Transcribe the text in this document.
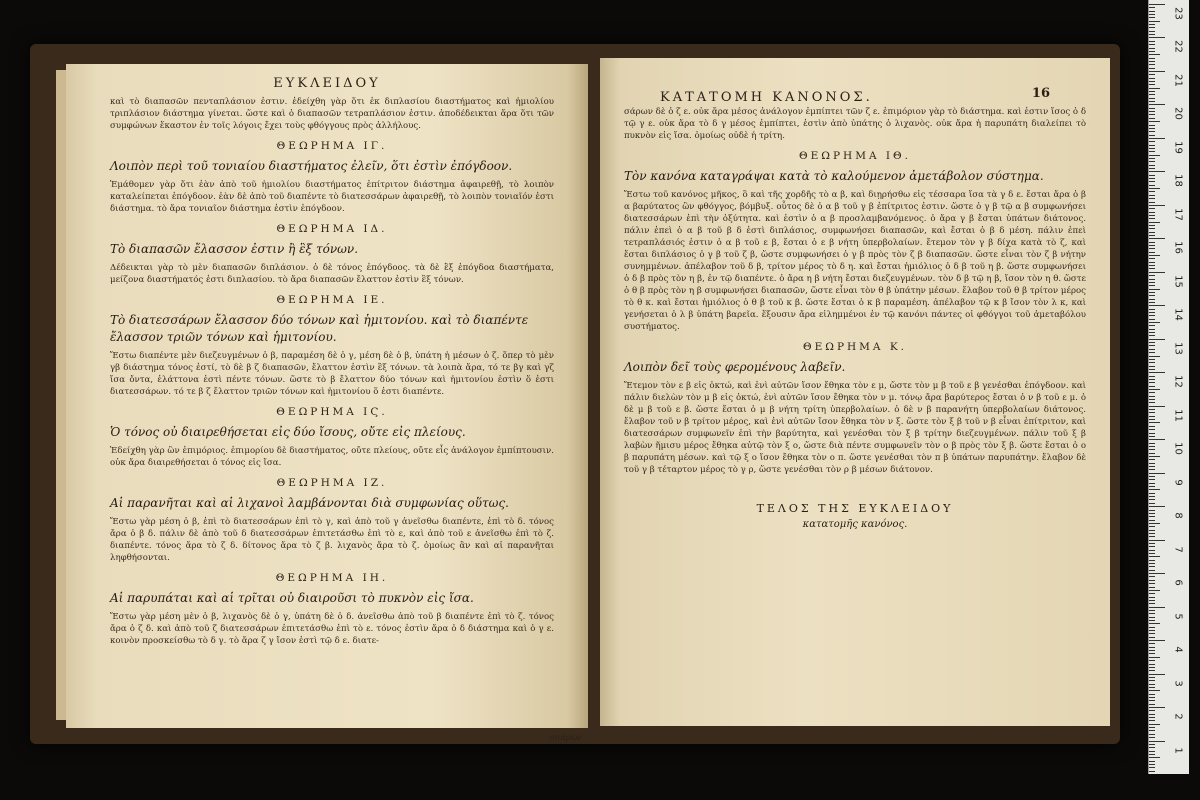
ΕΥΚΛΕΙΔΟΥ
καὶ τὸ διαπασῶν πενταπλάσιον ἐστιν. ἐδείχθη γὰρ ὅτι ἐκ διπλασίου διαστήματος καὶ ἡμιολίου τριπλάσιον διάστημα γίνεται. ὥστε καὶ ὁ διαπασῶν τετραπλάσιον ἐστιν. ἀποδέδεικται ἄρα ὅτι τῶν συμφώνων ἕκαστον ἐν τοῖς λόγοις ἔχει τοὺς φθόγγους πρὸς ἀλλήλους.
ΘΕΩΡΗΜΑ ΙΓ.
Λοιπὸν περὶ τοῦ τονιαίου διαστήματος ἐλεῖν, ὅτι ἐστὶν ἐπόγδοον.
Ἐμάθομεν γὰρ ὅτι ἐὰν ἀπὸ τοῦ ἡμιολίου διαστήματος ἐπίτριτον διάστημα ἀφαιρεθῇ, τὸ λοιπὸν καταλείπεται ἐπόγδοον. ἐὰν δὲ ἀπὸ τοῦ διαπέντε τὸ διατεσσάρων ἀφαιρεθῇ, τὸ λοιπὸν τονιαῖόν ἐστι διάστημα. τὸ ἄρα τονιαῖον διάστημα ἐστὶν ἐπόγδοον.
ΘΕΩΡΗΜΑ ΙΔ.
Τὸ διαπασῶν ἔλασσον ἐστιν ἢ ἓξ τόνων.
Δέδεικται γὰρ τὸ μὲν διαπασῶν διπλάσιον. ὁ δὲ τόνος ἐπόγδοος. τὰ δὲ ἓξ ἐπόγδοα διαστήματα, μείζονα διαστήματός ἐστι διπλασίου. τὸ ἄρα διαπασῶν ἔλαττον ἐστὶν ἓξ τόνων.
ΘΕΩΡΗΜΑ ΙΕ.
Τὸ διατεσσάρων ἔλασσον δύο τόνων καὶ ἡμιτονίου. καὶ τὸ διαπέντε ἔλασσον τριῶν τόνων καὶ ἡμιτονίου.
Ἔστω διαπέντε μὲν διεζευγμένων ὁ β, παραμέση δὲ ὁ γ, μέση δὲ ὁ β, ὑπάτη ἡ μέσων ὁ ζ. ὅπερ τὸ μὲν γβ διάστημα τόνος ἐστί, τὸ δὲ β ζ διαπασῶν, ἔλαττον ἐστὶν ἓξ τόνων. τὰ λοιπὰ ἄρα, τό τε βγ καὶ γζ ἴσα ὄντα, ἐλάττονα ἐστὶ πέντε τόνων. ὥστε τὸ β ἔλαττον δύο τόνων καὶ ἡμιτονίου ἐστὶν ὅ ἐστι διατεσσάρων. τό τε β ζ ἔλαττον τριῶν τόνων καὶ ἡμιτονίου ὅ ἐστι διαπέντε.
ΘΕΩΡΗΜΑ ΙϚ.
Ὁ τόνος οὐ διαιρεθήσεται εἰς δύο ἴσους, οὔτε εἰς πλείους.
Ἐδείχθη γὰρ ὢν ἐπιμόριος. ἐπιμορίου δὲ διαστήματος, οὔτε πλείους, οὔτε εἷς ἀνάλογον ἐμπίπτουσιν. οὐκ ἄρα διαιρεθήσεται ὁ τόνος εἰς ἴσα.
ΘΕΩΡΗΜΑ ΙΖ.
Αἱ παρανῆται καὶ αἱ λιχανοὶ λαμβάνονται διὰ συμφωνίας οὕτως.
Ἔστω γὰρ μέση ὁ β, ἐπὶ τὸ διατεσσάρων ἐπὶ τὸ γ, καὶ ἀπὸ τοῦ γ ἀνεῖσθω διαπέντε, ἐπὶ τὸ δ. τόνος ἄρα ὁ β δ. πάλιν δὲ ἀπὸ τοῦ δ διατεσσάρων ἐπιτετάσθω ἐπὶ τὸ ε, καὶ ἀπὸ τοῦ ε ἀνεῖσθω ἐπὶ τὸ ζ. διαπέντε. τόνος ἄρα τὸ ζ δ. δίτονος ἄρα τὸ ζ β. λιχανὸς ἄρα τὸ ζ. ὁμοίως ἂν καὶ αἱ παρανῆται ληφθήσονται.
ΘΕΩΡΗΜΑ ΙΗ.
Αἱ παρυπάται καὶ αἱ τρῖται οὐ διαιροῦσι τὸ πυκνὸν εἰς ἴσα.
Ἔστω γὰρ μέση μὲν ὁ β, λιχανὸς δὲ ὁ γ, ὑπάτη δὲ ὁ δ. ἀνεῖσθω ἀπὸ τοῦ β διαπέντε ἐπὶ τὸ ζ. τόνος ἄρα ὁ ζ δ. καὶ ἀπὸ τοῦ ζ διατεσσάρων ἐπιτετάσθω ἐπὶ τὸ ε. τόνος ἐστὶν ἄρα ὁ δ διάστημα καὶ ὁ γ ε. κοινὸν προσκείσθω τὸ δ γ. τὸ ἄρα ζ γ ἴσον ἐστὶ τῷ δ ε. διατε-
σσάρων
ΚΑΤΑΤΟΜΗ ΚΑΝΟΝΟΣ.	16
σάρων δὲ ὁ ζ ε. οὐκ ἄρα μέσος ἀνάλογον ἐμπίπτει τῶν ζ ε. ἐπιμόριον γὰρ τὸ διάστημα. καὶ ἐστιν ἴσος ὁ δ τῷ γ ε. οὐκ ἄρα τὸ δ γ μέσος ἐμπίπτει, ἐστὶν ἀπὸ ὑπάτης ὁ λιχανὸς. οὐκ ἄρα ἡ παρυπάτη διαλείπει τὸ πυκνὸν εἰς ἴσα. ὁμοίως οὐδὲ ἡ τρίτη.
ΘΕΩΡΗΜΑ ΙΘ.
Τὸν κανόνα καταγράψαι κατὰ τὸ καλούμενον ἀμετάβολον σύστημα.
Ἔστω τοῦ κανόνος μῆκος, ὃ καὶ τῆς χορδῆς τὸ α β, καὶ διῃρήσθω εἰς τέσσαρα ἴσα τὰ γ δ ε. ἔσται ἄρα ὁ β α βαρύτατος ὢν φθόγγος, βόμβυξ. οὗτος δὲ ὁ α β τοῦ γ β ἐπίτριτος ἐστιν. ὥστε ὁ γ β τῷ α β συμφωνήσει διατεσσάρων ἐπὶ τὴν ὀξύτητα. καὶ ἐστὶν ὁ α β προσλαμβανόμενος. ὁ ἄρα γ β ἔσται ὑπάτων διάτονος. πάλιν ἐπεὶ ὁ α β τοῦ β δ ἐστὶ διπλάσιος, συμφωνήσει διαπασῶν, καὶ ἔσται ὁ β δ μέση. πάλιν ἐπεὶ τετραπλάσιός ἐστιν ὁ α β τοῦ ε β, ἔσται ὁ ε β νήτη ὑπερβολαίων. ἔτεμον τὸν γ β δίχα κατὰ τὸ ζ, καὶ ἔσται διπλάσιος ὁ γ β τοῦ ζ β, ὥστε συμφωνήσει ὁ γ β πρὸς τὸν ζ β διαπασῶν. ὥστε εἶναι τὸν ζ β νήτην συνημμένων. ἀπέλαβον τοῦ δ β, τρίτον μέρος τὸ δ η. καὶ ἔσται ἡμιόλιος ὁ δ β τοῦ η β. ὥστε συμφωνήσει ὁ δ β πρὸς τὸν η β, ἐν τῷ διαπέντε. ὁ ἄρα η β νήτη ἔσται διεζευγμένων. τὸν δ β τῷ η β, ἴσον τὸν η θ. ὥστε ὁ θ β πρὸς τὸν η β συμφωνήσει διαπασῶν, ὥστε εἶναι τὸν θ β ὑπάτην μέσων. ἔλαβον τοῦ θ β τρίτον μέρος τὸ θ κ. καὶ ἔσται ἡμιόλιος ὁ θ β τοῦ κ β. ὥστε ἔσται ὁ κ β παραμέση. ἀπέλαβον τῷ κ β ἴσον τὸν λ κ, καὶ γενήσεται ὁ λ β ὑπάτη βαρεῖα. ἕξουσιν ἄρα εἰλημμένοι ἐν τῷ κανόνι πάντες οἱ φθόγγοι τοῦ ἀμεταβόλου συστήματος.
ΘΕΩΡΗΜΑ Κ.
Λοιπὸν δεῖ τοὺς φερομένους λαβεῖν.
Ἔτεμον τὸν ε β εἰς ὀκτώ, καὶ ἑνὶ αὐτῶν ἴσον ἔθηκα τὸν ε μ, ὥστε τὸν μ β τοῦ ε β γενέσθαι ἐπόγδοον. καὶ πάλιν διελὼν τὸν μ β εἰς ὀκτώ, ἑνὶ αὐτῶν ἴσον ἔθηκα τὸν ν μ. τόνῳ ἄρα βαρύτερος ἔσται ὁ ν β τοῦ ε μ. ὁ δὲ μ β τοῦ ε β. ὥστε ἔσται ὁ μ β νήτη τρίτη ὑπερβολαίων. ὁ δὲ ν β παρανήτη ὑπερβολαίων διάτονος. ἔλαβον τοῦ ν β τρίτον μέρος, καὶ ἑνὶ αὐτῶν ἴσον ἔθηκα τὸν ν ξ. ὥστε τὸν ξ β τοῦ ν β εἶναι ἐπίτριτον, καὶ διατεσσάρων συμφωνεῖν ἐπὶ τὴν βαρύτητα, καὶ γενέσθαι τὸν ξ β τρίτην διεζευγμένων. πάλιν τοῦ ξ β λαβὼν ἥμισυ μέρος ἔθηκα αὐτῷ τὸν ξ ο, ὥστε διὰ πέντε συμφωνεῖν τὸν ο β πρὸς τὸν ξ β. ὥστε ἔσται ὁ ο β παρυπάτη μέσων. καὶ τῷ ξ ο ἴσον ἔθηκα τὸν ο π. ὥστε γενέσθαι τὸν π β ὑπάτων παρυπάτην. ἔλαβον δὲ τοῦ γ β τέταρτον μέρος τὸ γ ρ, ὥστε γενέσθαι τὸν ρ β μέσων διάτονον.
ΤΕΛΟΣ ΤΗΣ ΕΥΚΛΕΙΔΟΥ
κατατομῆς κανόνος.
23
22
21
20
19
18
17
16
15
14
13
12
11
10
9
8
7
6
5
4
3
2
1
